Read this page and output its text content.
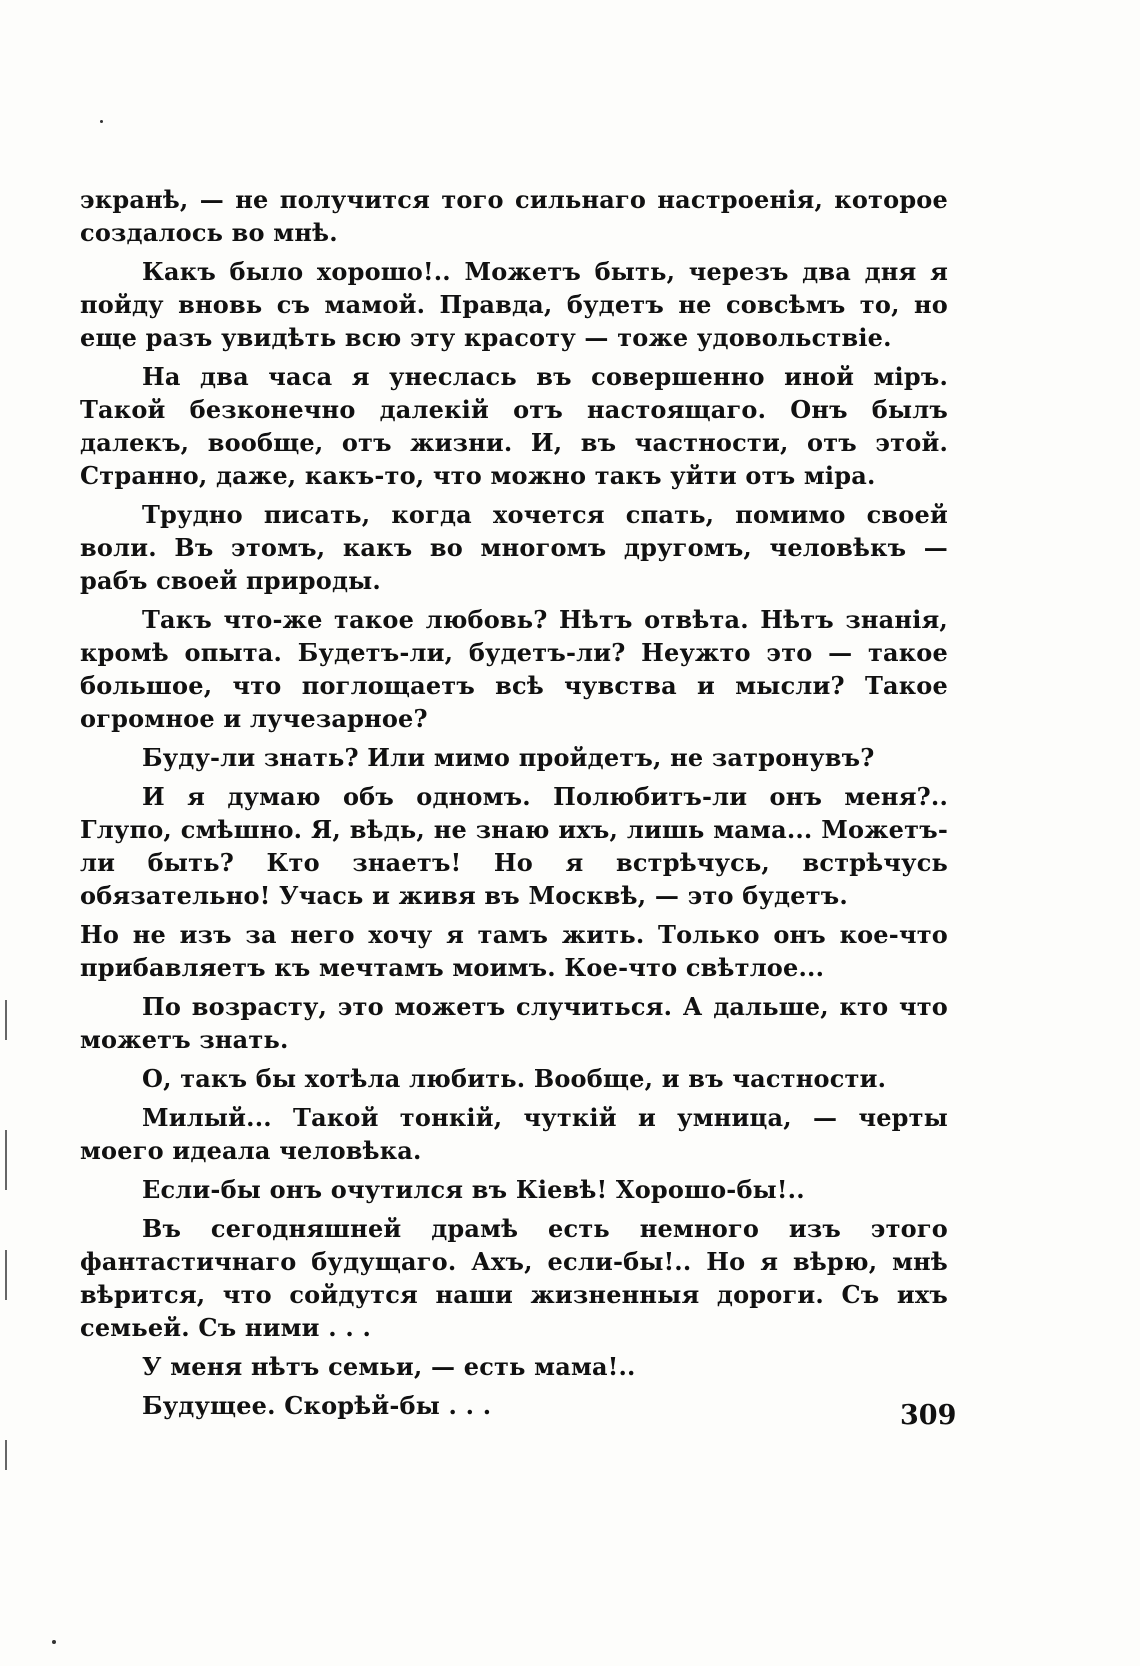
экранѣ, — не получится того сильнаго настроенія, которое создалось во мнѣ.

Какъ было хорошо!.. Можетъ быть, черезъ два дня я пойду вновь съ мамой. Правда, будетъ не совсѣмъ то, но еще разъ увидѣть всю эту красоту — тоже удовольствіе.

На два часа я унеслась въ совершенно иной міръ. Такой безконечно далекій отъ настоящаго. Онъ былъ далекъ, вообще, отъ жизни. И, въ частности, отъ этой. Странно, даже, какъ-то, что можно такъ уйти отъ міра.

Трудно писать, когда хочется спать, помимо своей воли. Въ этомъ, какъ во многомъ другомъ, человѣкъ — рабъ своей природы.

Такъ что-же такое любовь? Нѣтъ отвѣта. Нѣтъ знанія, кромѣ опыта. Будетъ-ли, будетъ-ли? Неужто это — такое большое, что поглощаетъ всѣ чувства и мысли? Такое огромное и лучезарное?

Буду-ли знать? Или мимо пройдетъ, не затронувъ?

И я думаю объ одномъ. Полюбитъ-ли онъ меня?.. Глупо, смѣшно. Я, вѣдь, не знаю ихъ, лишь мама... Можетъ-ли быть? Кто знаетъ! Но я встрѣчусь, встрѣчусь обязательно! Учась и живя въ Москвѣ, — это будетъ.

Но не изъ за него хочу я тамъ жить. Только онъ кое-что прибавляетъ къ мечтамъ моимъ. Кое-что свѣтлое...

По возрасту, это можетъ случиться. А дальше, кто что можетъ знать.

О, такъ бы хотѣла любить. Вообще, и въ частности.

Милый... Такой тонкій, чуткій и умница, — черты моего идеала человѣка.

Если-бы онъ очутился въ Кіевѣ! Хорошо-бы!..

Въ сегодняшней драмѣ есть немного изъ этого фантастичнаго будущаго. Ахъ, если-бы!.. Но я вѣрю, мнѣ вѣрится, что сойдутся наши жизненныя дороги. Съ ихъ семьей. Съ ними . . .

У меня нѣтъ семьи, — есть мама!..

Будущее. Скорѣй-бы . . .	309
